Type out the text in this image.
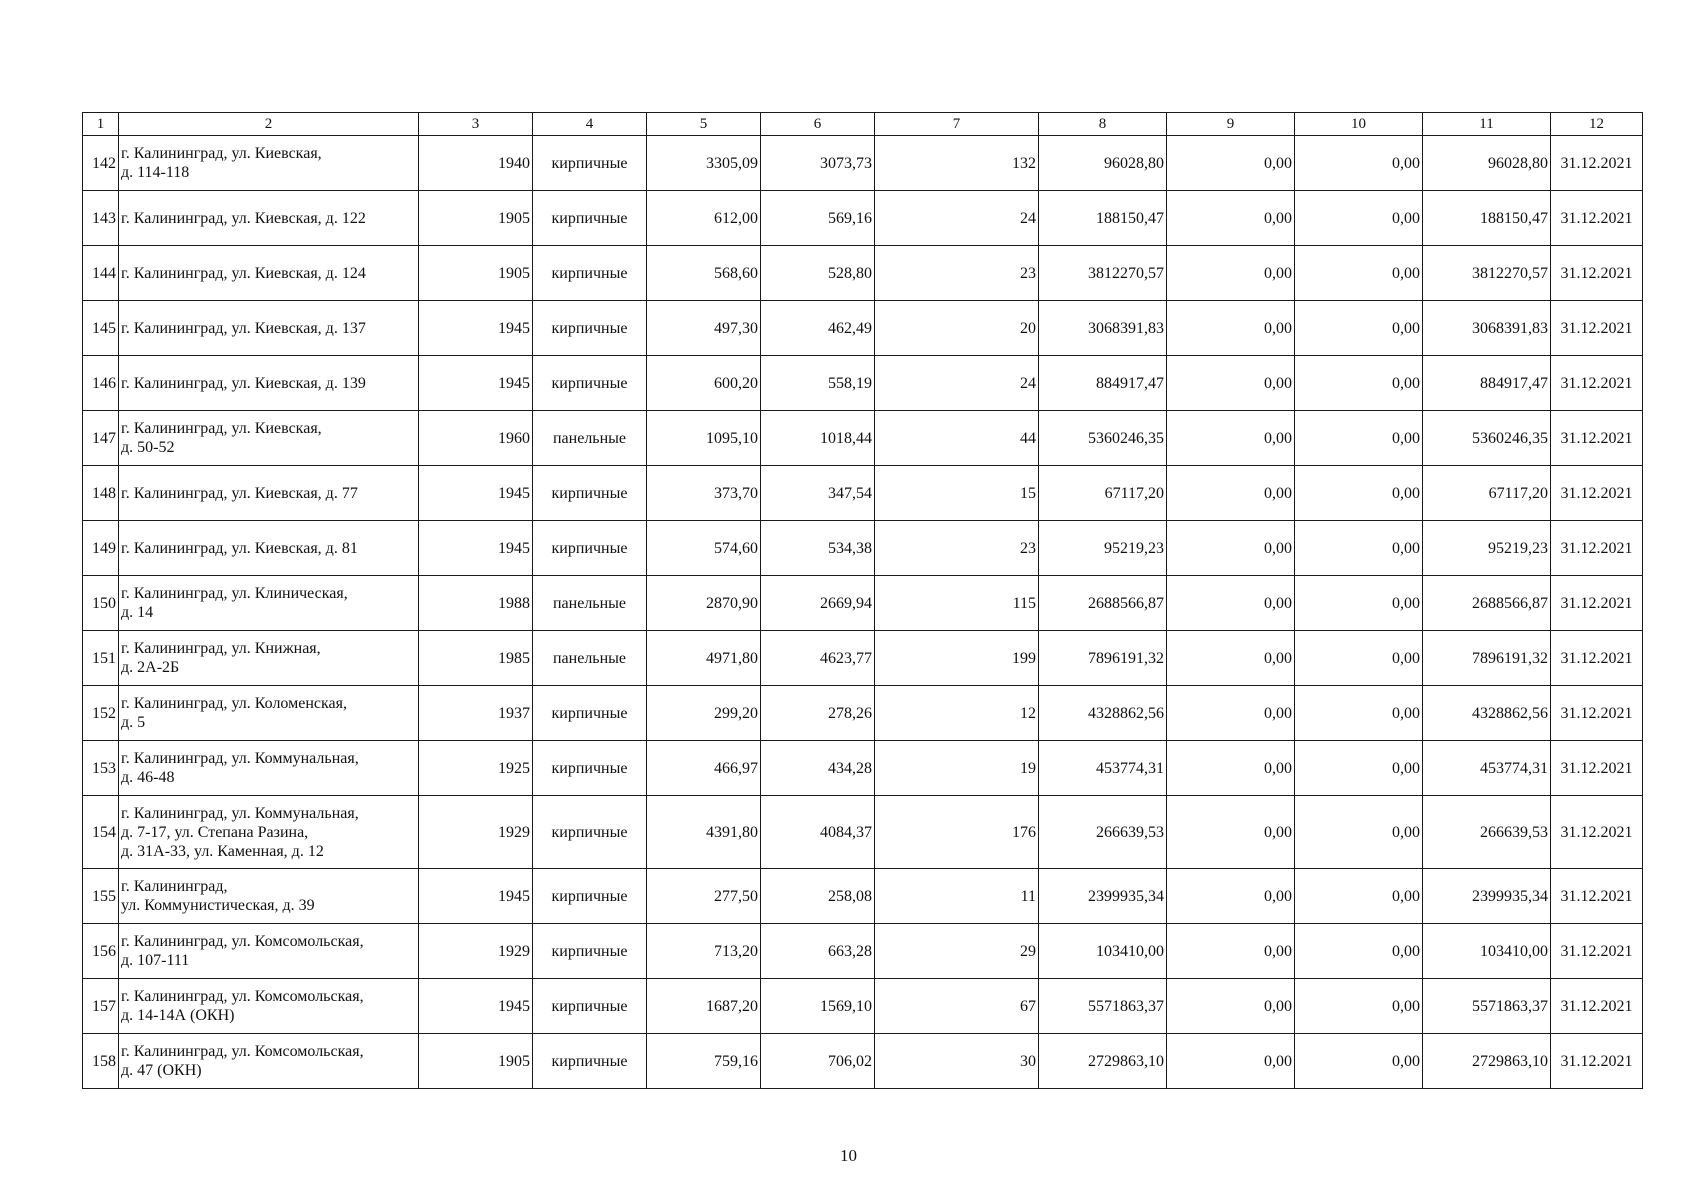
1	2	3	4	5	6	7	8	9	10	11	12
142	г. Калининград, ул. Киевская,
д. 114-118	1940	кирпичные	3305,09	3073,73	132	96028,80	0,00	0,00	96028,80	31.12.2021
143	г. Калининград, ул. Киевская, д. 122	1905	кирпичные	612,00	569,16	24	188150,47	0,00	0,00	188150,47	31.12.2021
144	г. Калининград, ул. Киевская, д. 124	1905	кирпичные	568,60	528,80	23	3812270,57	0,00	0,00	3812270,57	31.12.2021
145	г. Калининград, ул. Киевская, д. 137	1945	кирпичные	497,30	462,49	20	3068391,83	0,00	0,00	3068391,83	31.12.2021
146	г. Калининград, ул. Киевская, д. 139	1945	кирпичные	600,20	558,19	24	884917,47	0,00	0,00	884917,47	31.12.2021
147	г. Калининград, ул. Киевская,
д. 50-52	1960	панельные	1095,10	1018,44	44	5360246,35	0,00	0,00	5360246,35	31.12.2021
148	г. Калининград, ул. Киевская, д. 77	1945	кирпичные	373,70	347,54	15	67117,20	0,00	0,00	67117,20	31.12.2021
149	г. Калининград, ул. Киевская, д. 81	1945	кирпичные	574,60	534,38	23	95219,23	0,00	0,00	95219,23	31.12.2021
150	г. Калининград, ул. Клиническая,
д. 14	1988	панельные	2870,90	2669,94	115	2688566,87	0,00	0,00	2688566,87	31.12.2021
151	г. Калининград, ул. Книжная,
д. 2А-2Б	1985	панельные	4971,80	4623,77	199	7896191,32	0,00	0,00	7896191,32	31.12.2021
152	г. Калининград, ул. Коломенская,
д. 5	1937	кирпичные	299,20	278,26	12	4328862,56	0,00	0,00	4328862,56	31.12.2021
153	г. Калининград, ул. Коммунальная,
д. 46-48	1925	кирпичные	466,97	434,28	19	453774,31	0,00	0,00	453774,31	31.12.2021
154	г. Калининград, ул. Коммунальная,
д. 7-17, ул. Степана Разина,
д. 31А-33, ул. Каменная, д. 12	1929	кирпичные	4391,80	4084,37	176	266639,53	0,00	0,00	266639,53	31.12.2021
155	г. Калининград,
ул. Коммунистическая, д. 39	1945	кирпичные	277,50	258,08	11	2399935,34	0,00	0,00	2399935,34	31.12.2021
156	г. Калининград, ул. Комсомольская,
д. 107-111	1929	кирпичные	713,20	663,28	29	103410,00	0,00	0,00	103410,00	31.12.2021
157	г. Калининград, ул. Комсомольская,
д. 14-14А (ОКН)	1945	кирпичные	1687,20	1569,10	67	5571863,37	0,00	0,00	5571863,37	31.12.2021
158	г. Калининград, ул. Комсомольская,
д. 47 (ОКН)	1905	кирпичные	759,16	706,02	30	2729863,10	0,00	0,00	2729863,10	31.12.2021
10
